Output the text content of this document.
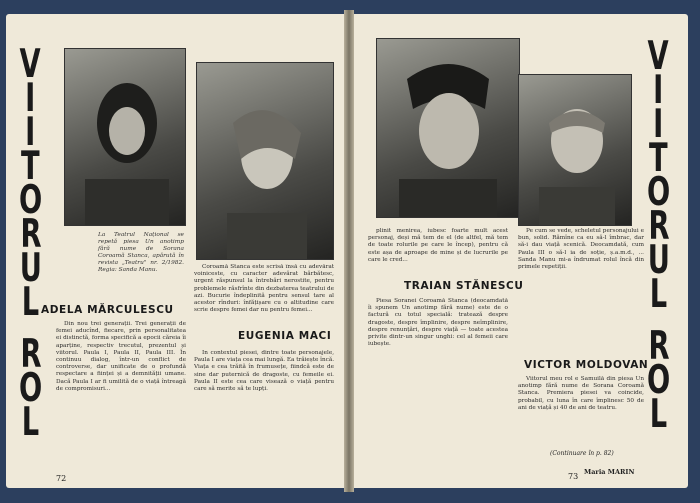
V
I
I
T
O
R
U
L
R
O
L
La Teatrul Național se repetă piesa Un anotimp fără nume de Sorana Coroamă Stanca, apărută în revista „Teatru" nr. 2/1982. Regia: Sanda Manu.
ADELA MĂRCULESCU

Din nou trei generații. Trei generații de femei aducînd, fiecare, prin personalitatea ei distinctă, forma specifică a epocii căreia îi aparține, respectiv trecutul, prezentul și viitorul. Paula I, Paula II, Paula III. În continuu dialog, într-un conflict de controverse, dar unificate de o profundă respectare a ființei și a demnității umane. Dacă Paula I ar fi umilită de o viață întreagă de compromisuri...

Coroamă Stanca este scrisă însă cu adevărat voiniceste, cu caracter adevărat bărbătesc, urgent răspunsul la întrebări nerostite, pentru problemele răsfrînte din dezbaterea teatrului de azi. Bucurie îndeplinită pentru sensul tare al acestor rînduri: înfățișare cu o altitudine care scrie despre femei dar nu pentru femei...

EUGENIA MACI

În contextul piesei, dintre toate personajele, Paula I are viața cea mai lungă. Ea trăiește încă. Viața e cea trăită în frumusețe, fiindcă este de sine dar puternică de dragoste, cu femeile ei. Paula II este cea care visează o viață pentru care să merite să te lupți.

72
V
I
I
T
O
R
U
L
R
O
L

plinit menirea, iubesc foarte mult acest personaj, deși mă tem de el (de altfel, mă tem de toate rolurile pe care le încep), pentru că este așa de aproape de mine și de lucrurile pe care le cred...

TRAIAN STĂNESCU

Piesa Soranei Coroamă Stanca (deocamdată îi spunem Un anotimp fără nume) este de o factură cu totul specială: tratează despre dragoste, despre împlinire, despre neîmplinire, despre renunțări, despre viață — toate acestea privite dintr-un singur unghi: cel al femeii care iubește.

Pe cum se vede, scheletul personajului e bun, solid. Rămîne ca eu să-l îmbrac, dar să-i dau viață scenică. Deocamdată, cum Paula III o să-l ia de soție, ș.a.m.d., ... Sanda Manu mi-a îndrumat rolul încă din primele repetiții.

VICTOR MOLDOVAN

Viitorul meu rol e Samuilă din piesa Un anotimp fără nume de Sorana Coroamă Stanca. Premiera piesei va coincide, probabil, cu luna în care împlinesc 50 de ani de viață și 40 de ani de teatru.

(Continuare în p. 82)
Maria MARIN
73
